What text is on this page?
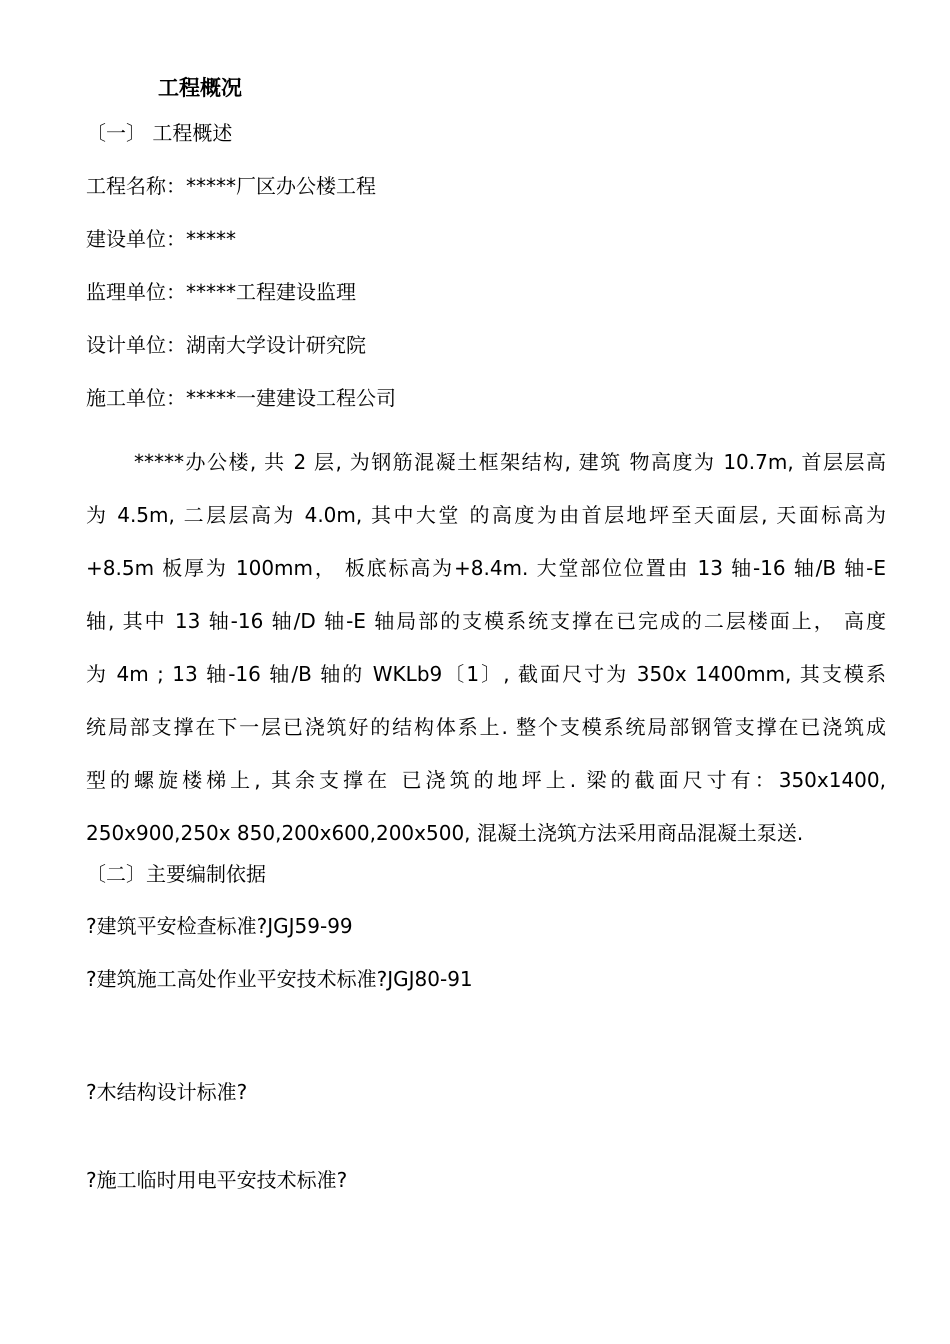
工程概况
〔一〕 工程概述
工程名称：*****厂区办公楼工程
建设单位：*****
监理单位：*****工程建设监理
设计单位：湖南大学设计研究院
施工单位：*****一建建设工程公司
*****办公楼, 共 2 层, 为钢筋混凝土框架结构, 建筑 物高度为 10.7m, 首层层高
为 4.5m, 二层层高为 4.0m, 其中大堂 的高度为由首层地坪至天面层, 天面标高为
+8.5m 板厚为 100mm， 板底标高为+8.4m. 大堂部位位置由 13 轴-16 轴/B 轴-E
轴, 其中 13 轴-16 轴/D 轴-E 轴局部的支模系统支撑在已完成的二层楼面上， 高度
为 4m ; 13 轴-16 轴/B 轴的 WKLb9〔1〕, 截面尺寸为 350x 1400mm, 其支模系
统局部支撑在下一层已浇筑好的结构体系上. 整个支模系统局部钢管支撑在已浇筑成
型的螺旋楼梯上, 其余支撑在 已浇筑的地坪上. 梁的截面尺寸有：350x1400,
250x900,250x 850,200x600,200x500, 混凝土浇筑方法采用商品混凝土泵送.
〔二〕主要编制依据
?建筑平安检查标准?JGJ59-99
?建筑施工高处作业平安技术标准?JGJ80-91
?木结构设计标准?
?施工临时用电平安技术标准?
